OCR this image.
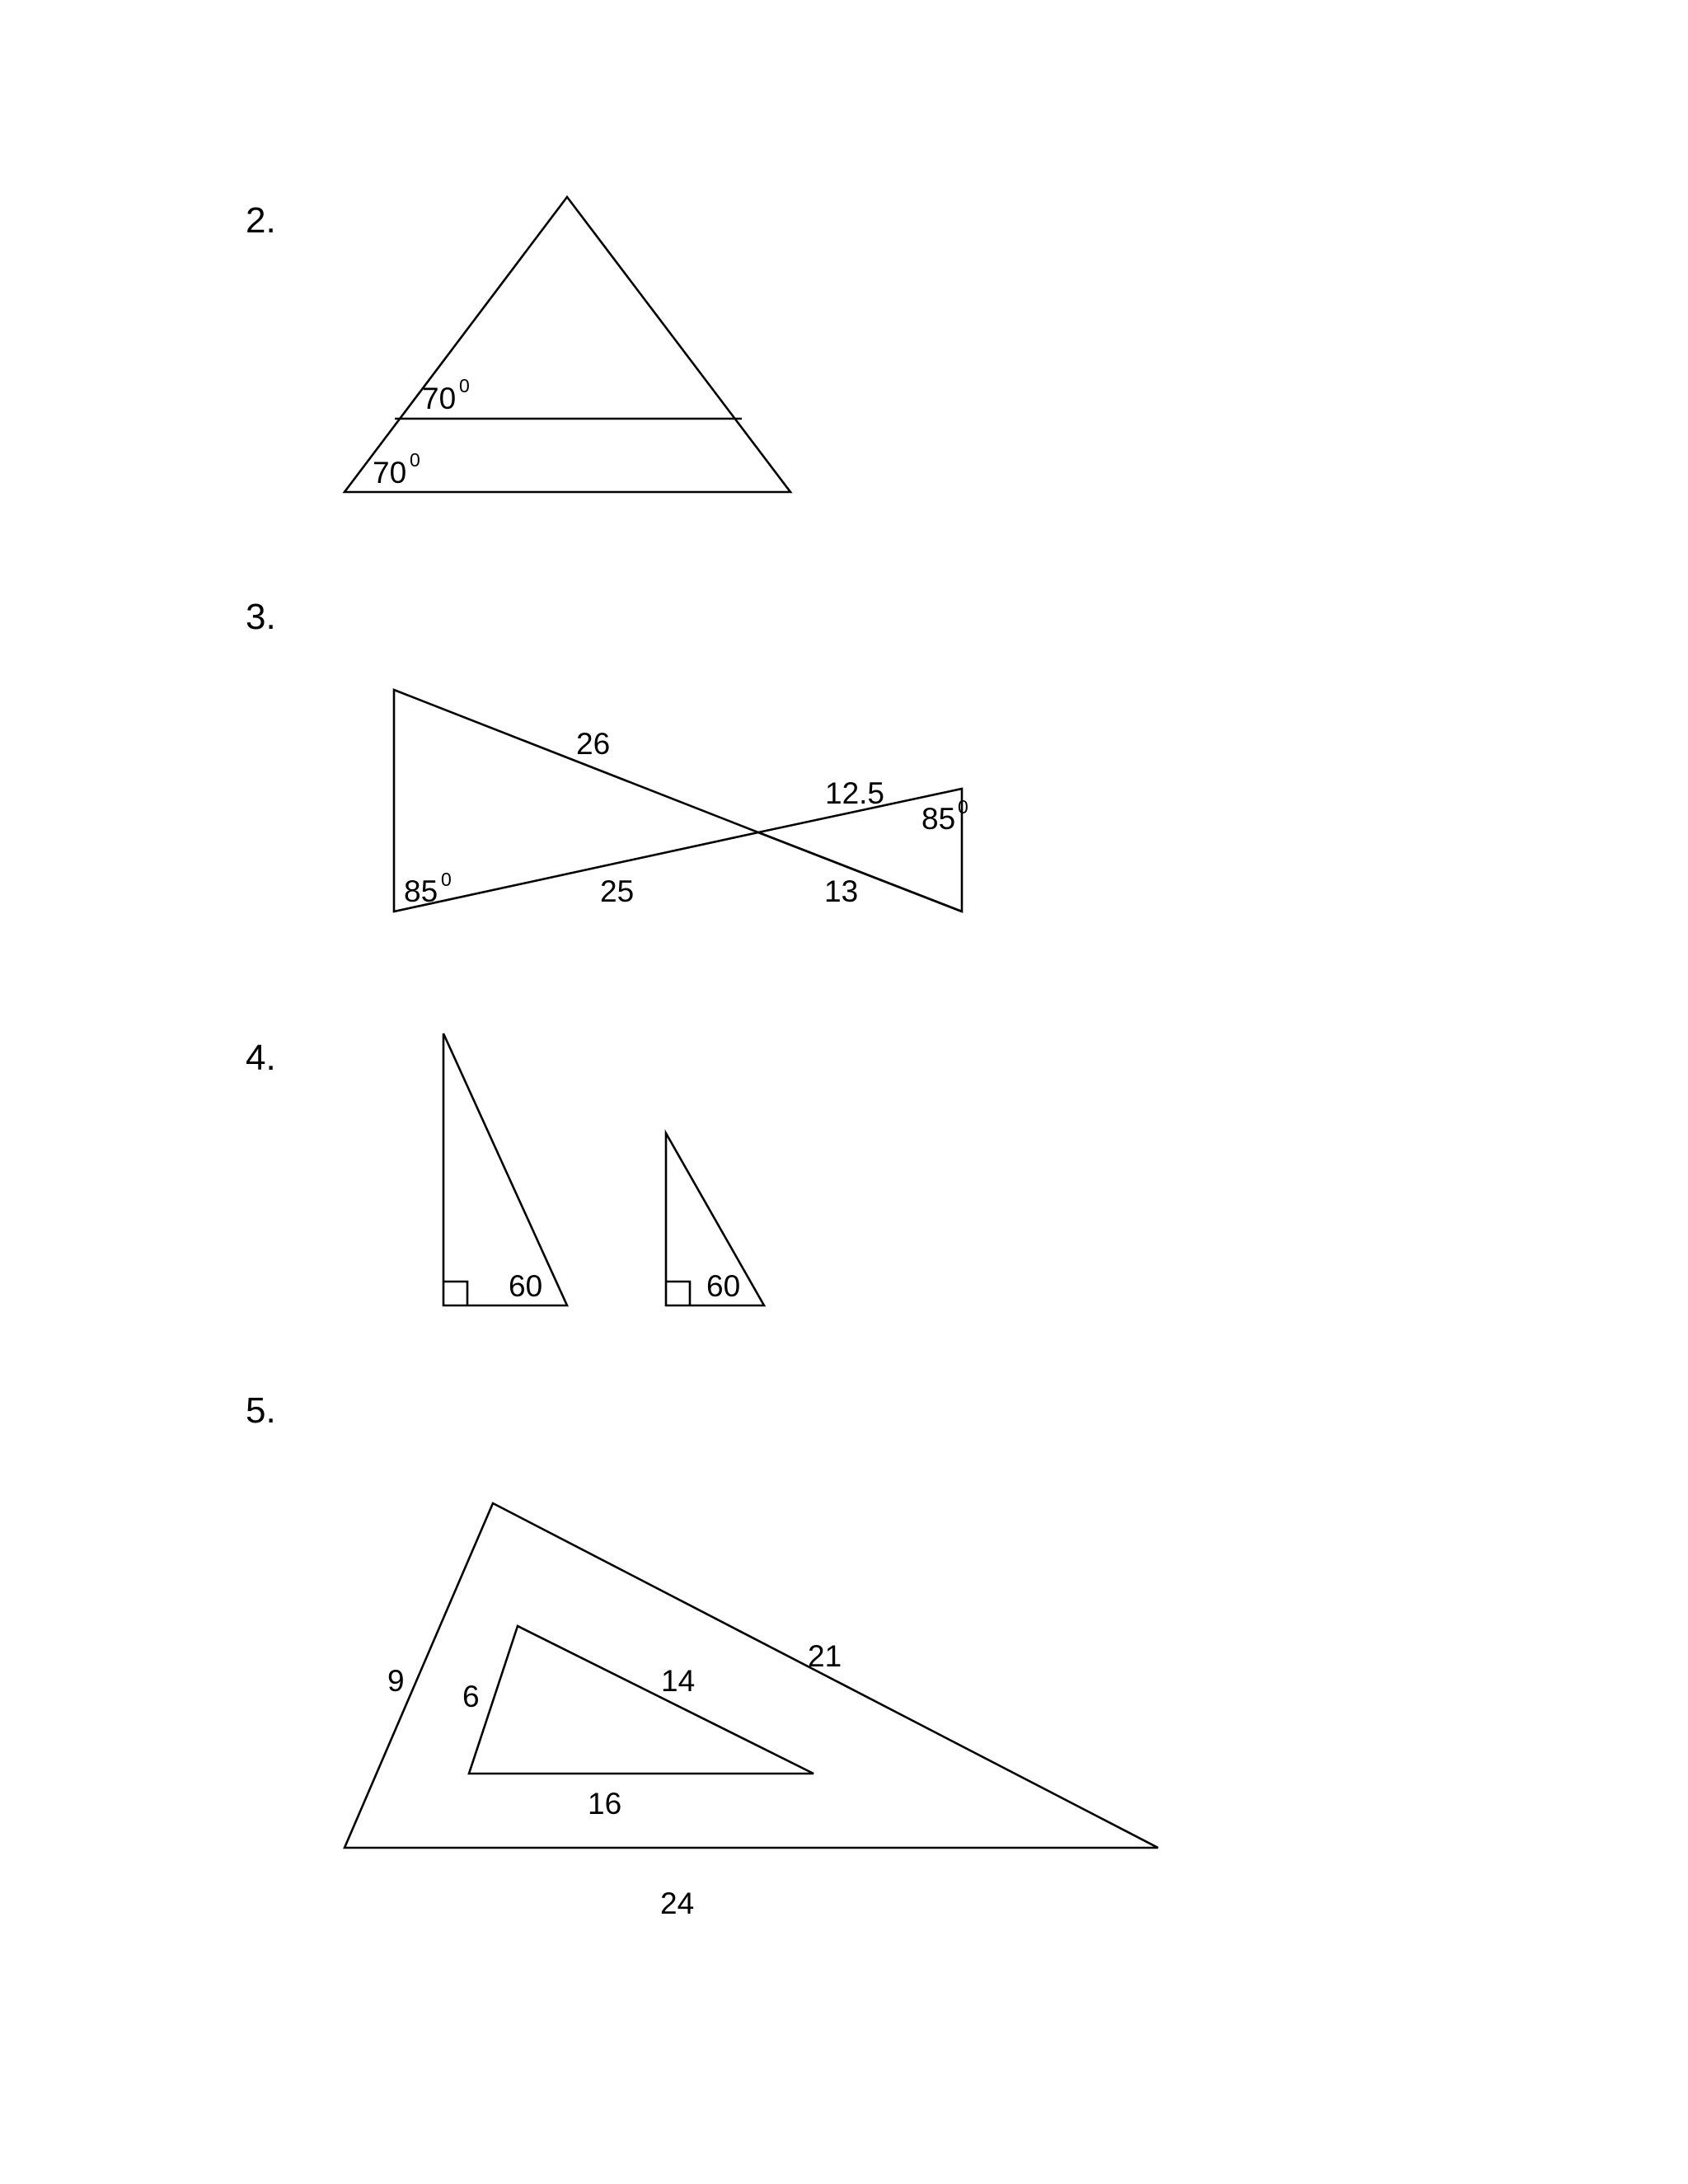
2.
70 0
70 0
3.
26
12.5
85 0
85 0	25	13
4.
60	60
5.
9 6	14
21
16
24
